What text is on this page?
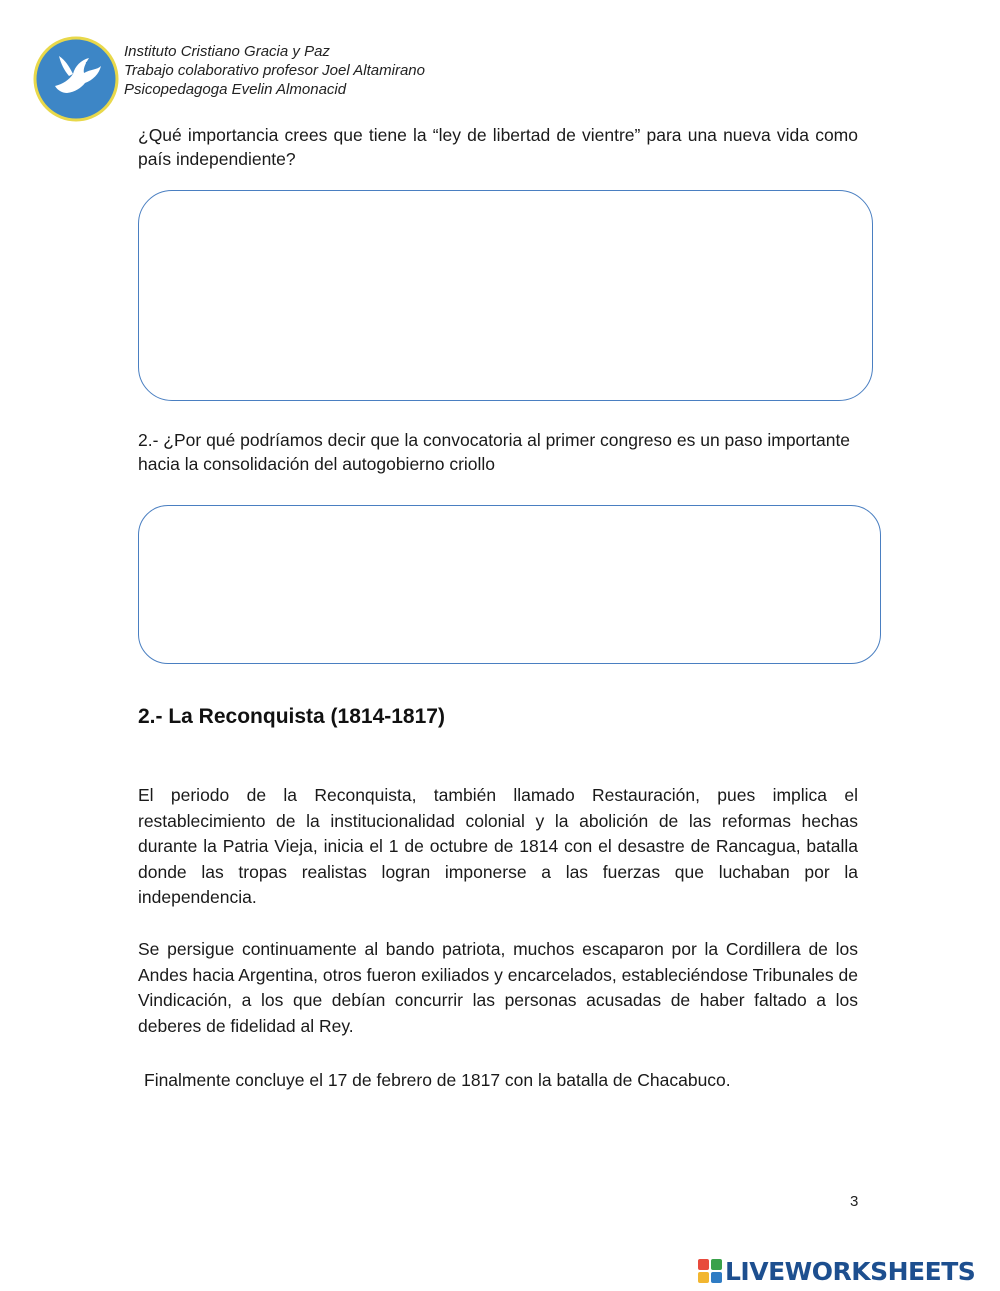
Instituto Cristiano Gracia y Paz
Trabajo colaborativo profesor Joel Altamirano
Psicopedagoga Evelin Almonacid
¿Qué importancia crees que tiene la “ley de libertad de vientre” para una nueva vida como país independiente?
2.- ¿Por qué podríamos decir que la convocatoria al primer congreso es un paso importante hacia la consolidación del autogobierno criollo
2.- La Reconquista (1814-1817)
El periodo de la Reconquista, también llamado Restauración, pues implica el restablecimiento de la institucionalidad colonial y la abolición de las reformas hechas durante la Patria Vieja, inicia el 1 de octubre de 1814 con el desastre de Rancagua, batalla donde las tropas realistas logran imponerse a las fuerzas que luchaban por la independencia.
Se persigue continuamente al bando patriota, muchos escaparon por la Cordillera de los Andes hacia Argentina, otros fueron exiliados y encarcelados, estableciéndose Tribunales de Vindicación, a los que debían concurrir las personas acusadas de haber faltado a los deberes de fidelidad al Rey.
Finalmente concluye el 17 de febrero de 1817 con la batalla de Chacabuco.
3
LIVEWORKSHEETS
